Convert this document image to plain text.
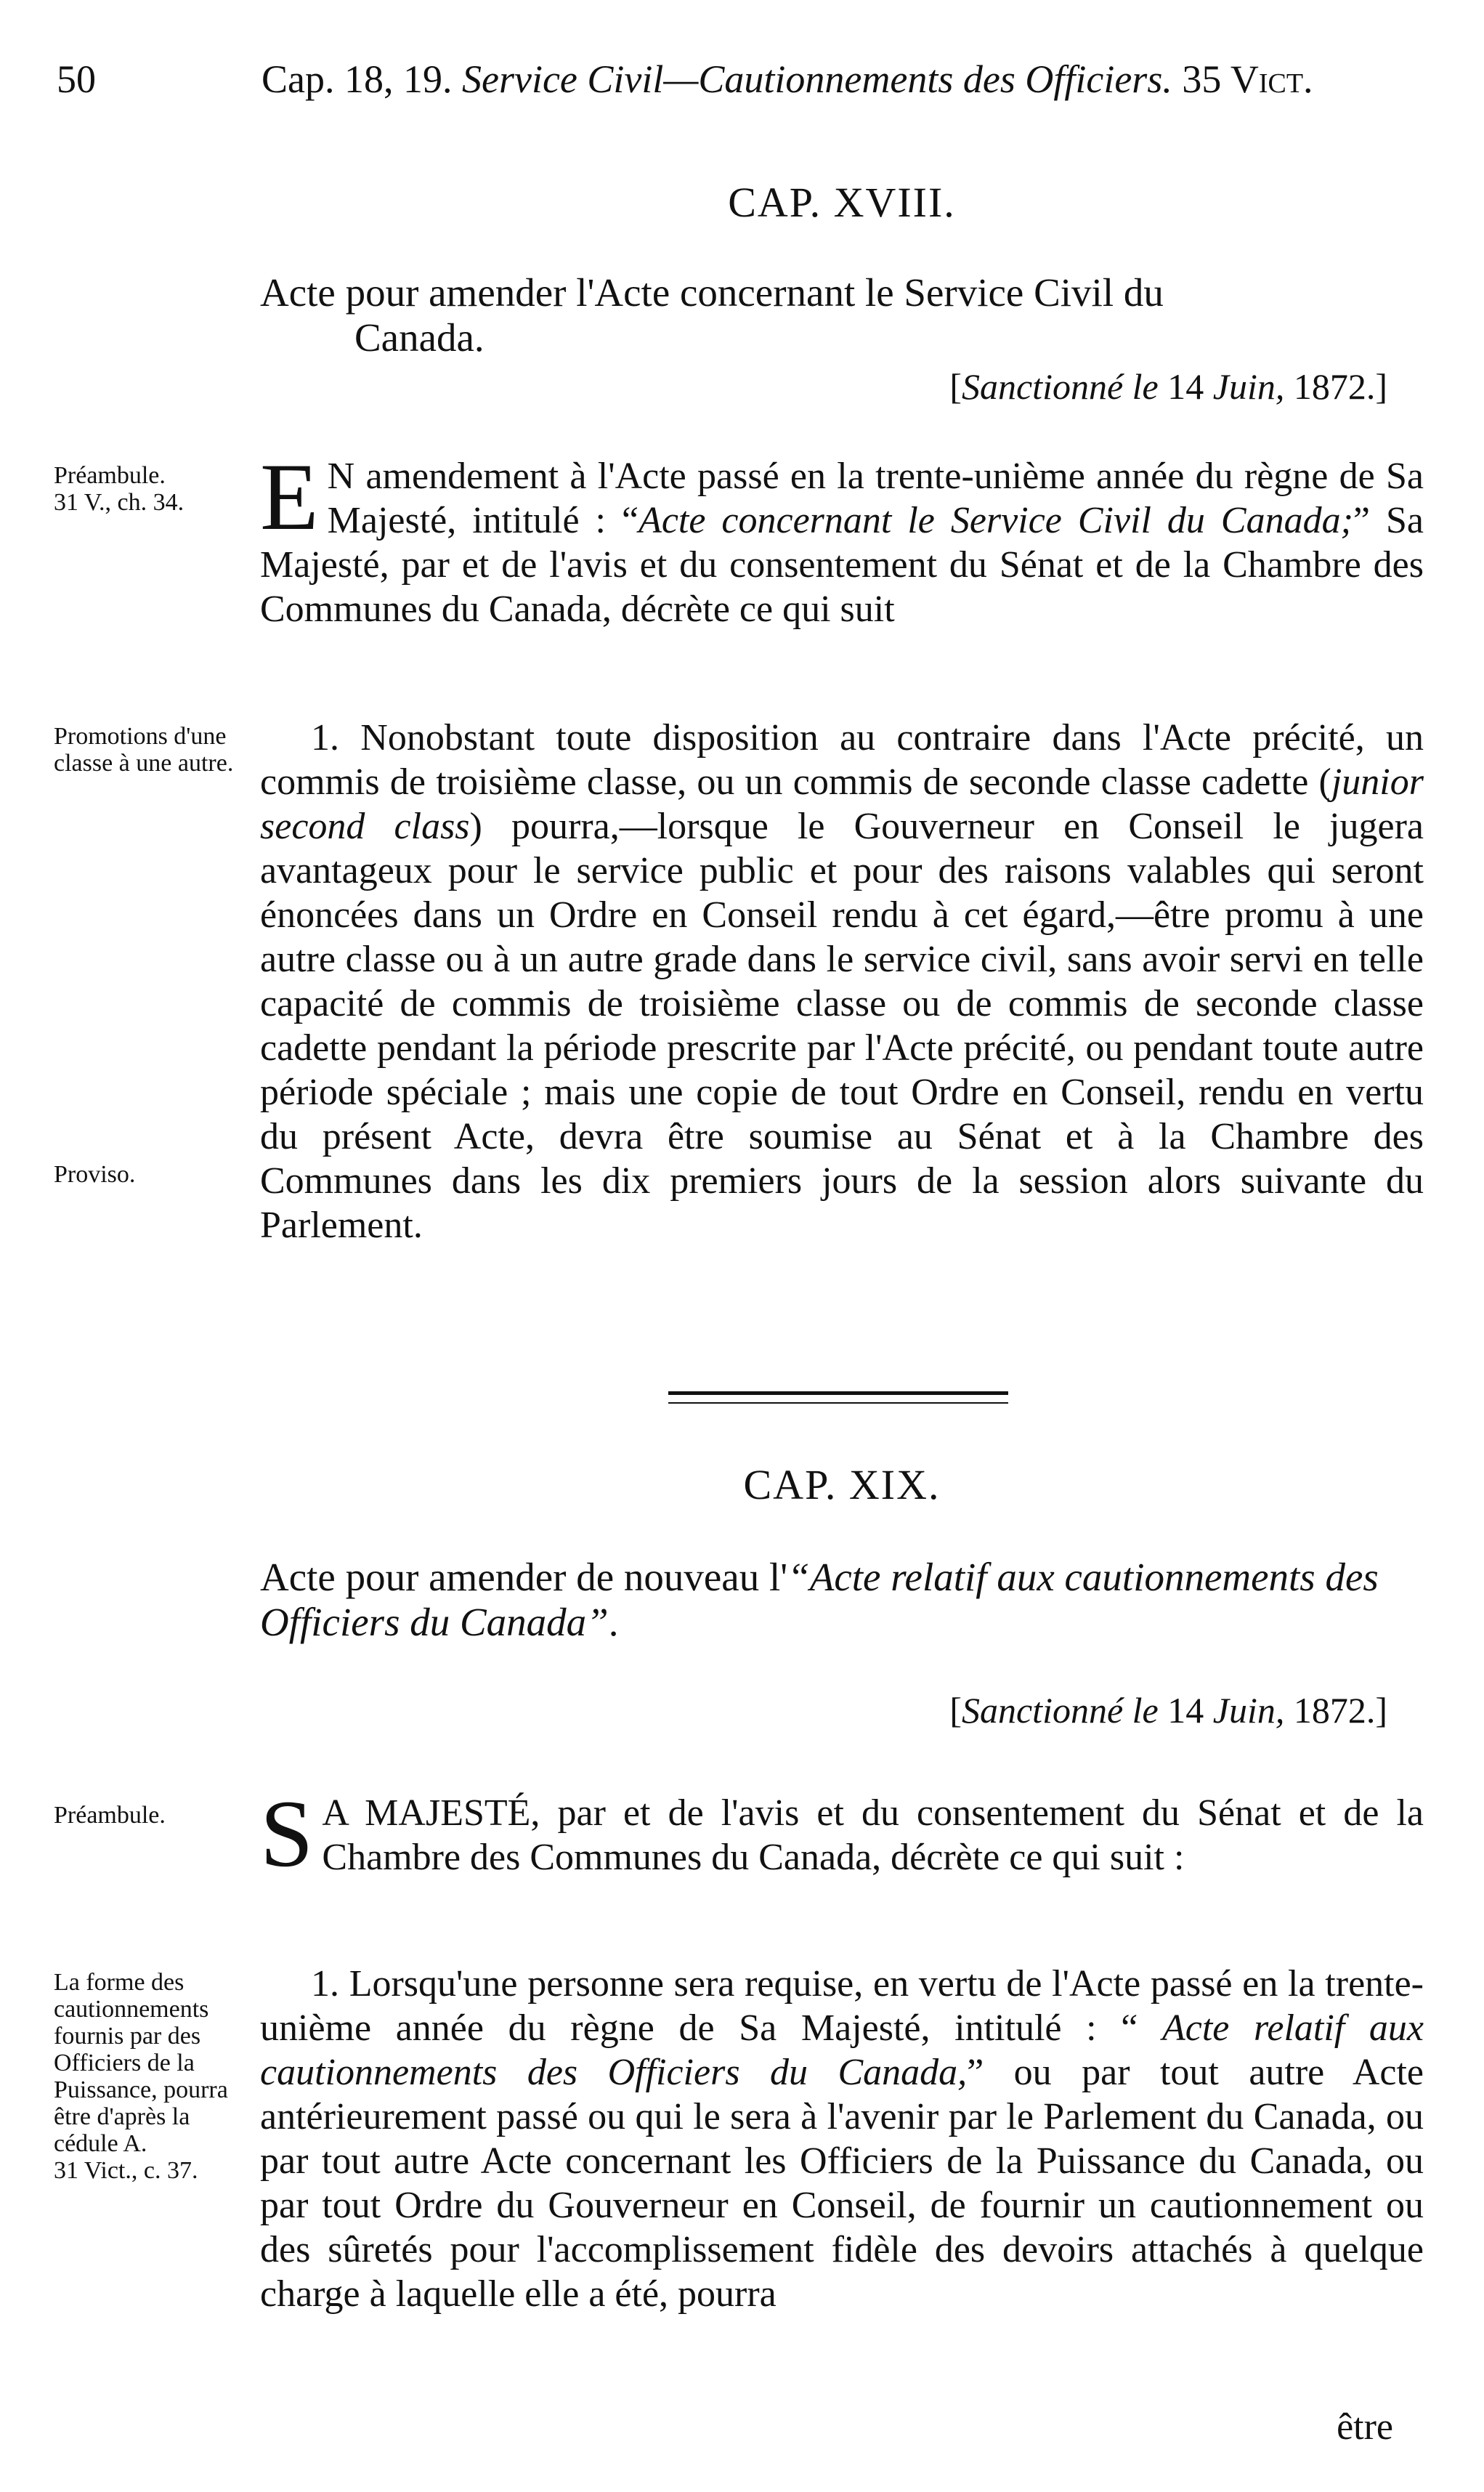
50	Cap. 18, 19. Service Civil—Cautionnements des Officiers. 35 Vict.
CAP. XVIII.
Acte pour amender l'Acte concernant le Service Civil du
Canada.
[Sanctionné le 14 Juin, 1872.]
Préambule.
31 V., ch. 34. E N amendement à l'Acte passé en la trente-unième année du règne de Sa Majesté, intitulé : “Acte concernant le Service Civil du Canada;” Sa Majesté, par et de l'avis et du consentement du Sénat et de la Chambre des Communes du Canada, décrète ce qui suit
Promotions d'une classe à une autre.
Proviso.
1. Nonobstant toute disposition au contraire dans l'Acte précité, un commis de troisième classe, ou un commis de seconde classe cadette (junior second class) pourra,—lorsque le Gouverneur en Conseil le jugera avantageux pour le service public et pour des raisons valables qui seront énoncées dans un Ordre en Conseil rendu à cet égard,—être promu à une autre classe ou à un autre grade dans le service civil, sans avoir servi en telle capacité de commis de troisième classe ou de commis de seconde classe cadette pendant la période prescrite par l'Acte précité, ou pendant toute autre période spéciale ; mais une copie de tout Ordre en Conseil, rendu en vertu du présent Acte, devra être soumise au Sénat et à la Chambre des Communes dans les dix premiers jours de la session alors suivante du Parlement.
CAP. XIX.
Acte pour amender de nouveau l'“Acte relatif aux cautionnements des Officiers du Canada”.
[Sanctionné le 14 Juin, 1872.]
Préambule. S A MAJESTÉ, par et de l'avis et du consentement du Sénat et de la Chambre des Communes du Canada, décrète ce qui suit :
La forme des cautionnements fournis par des Officiers de la Puissance, pourra être d'après la cédule A.
31 Vict., c. 37.
1. Lorsqu'une personne sera requise, en vertu de l'Acte passé en la trente-unième année du règne de Sa Majesté, intitulé : “ Acte relatif aux cautionnements des Officiers du Canada,” ou par tout autre Acte antérieurement passé ou qui le sera à l'avenir par le Parlement du Canada, ou par tout autre Acte concernant les Officiers de la Puissance du Canada, ou par tout Ordre du Gouverneur en Conseil, de fournir un cautionnement ou des sûretés pour l'accomplissement fidèle des devoirs attachés à quelque charge à laquelle elle a été, pourra
être
